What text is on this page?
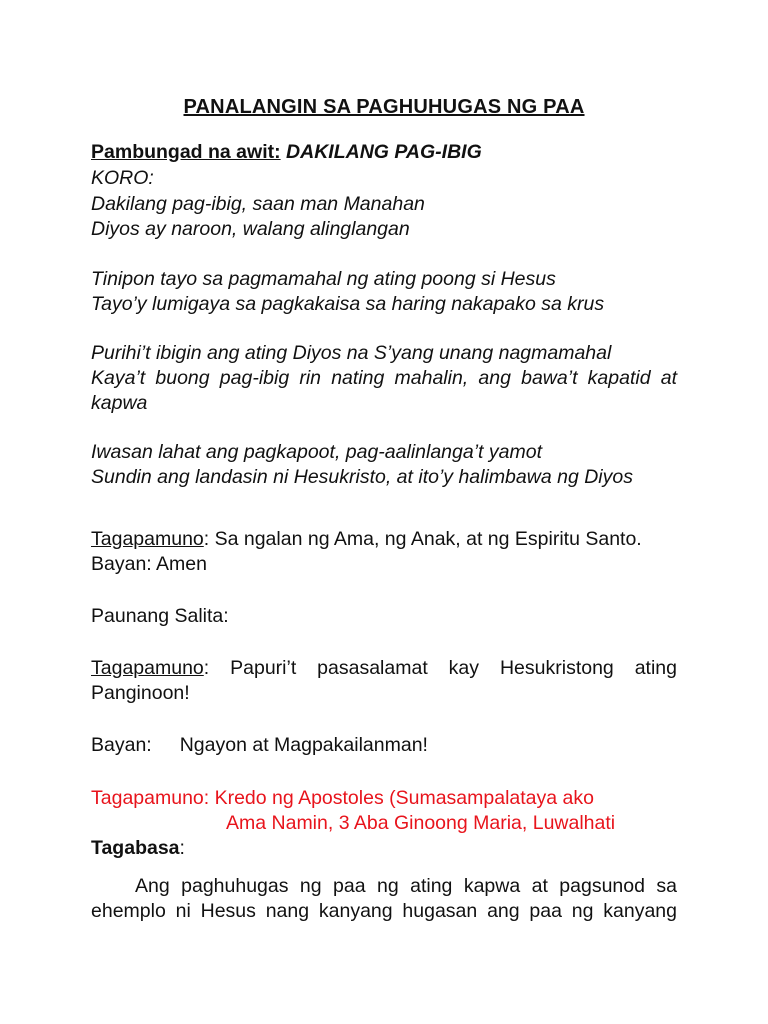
PANALANGIN SA PAGHUHUGAS NG PAA
Pambungad na awit: DAKILANG PAG-IBIG
KORO:
Dakilang pag-ibig, saan man Manahan
Diyos ay naroon, walang alinglangan
Tinipon tayo sa pagmamahal ng ating poong si Hesus
Tayo’y lumigaya sa pagkakaisa sa haring nakapako sa krus
Purihi’t ibigin ang ating Diyos na S’yang unang nagmamahal
Kaya’t buong pag-ibig rin nating mahalin, ang bawa’t kapatid at
kapwa
Iwasan lahat ang pagkapoot, pag-aalinlanga’t yamot
Sundin ang landasin ni Hesukristo, at ito’y halimbawa ng Diyos
Tagapamuno: Sa ngalan ng Ama, ng Anak, at ng Espiritu Santo.
Bayan: Amen
Paunang Salita:
Tagapamuno: Papuri’t pasasalamat kay Hesukristong ating
Panginoon!
Bayan: Ngayon at Magpakailanman!
Tagapamuno: Kredo ng Apostoles (Sumasampalataya ako
Ama Namin, 3 Aba Ginoong Maria, Luwalhati
Tagabasa:
Ang paghuhugas ng paa ng ating kapwa at pagsunod sa
ehemplo ni Hesus nang kanyang hugasan ang paa ng kanyang
